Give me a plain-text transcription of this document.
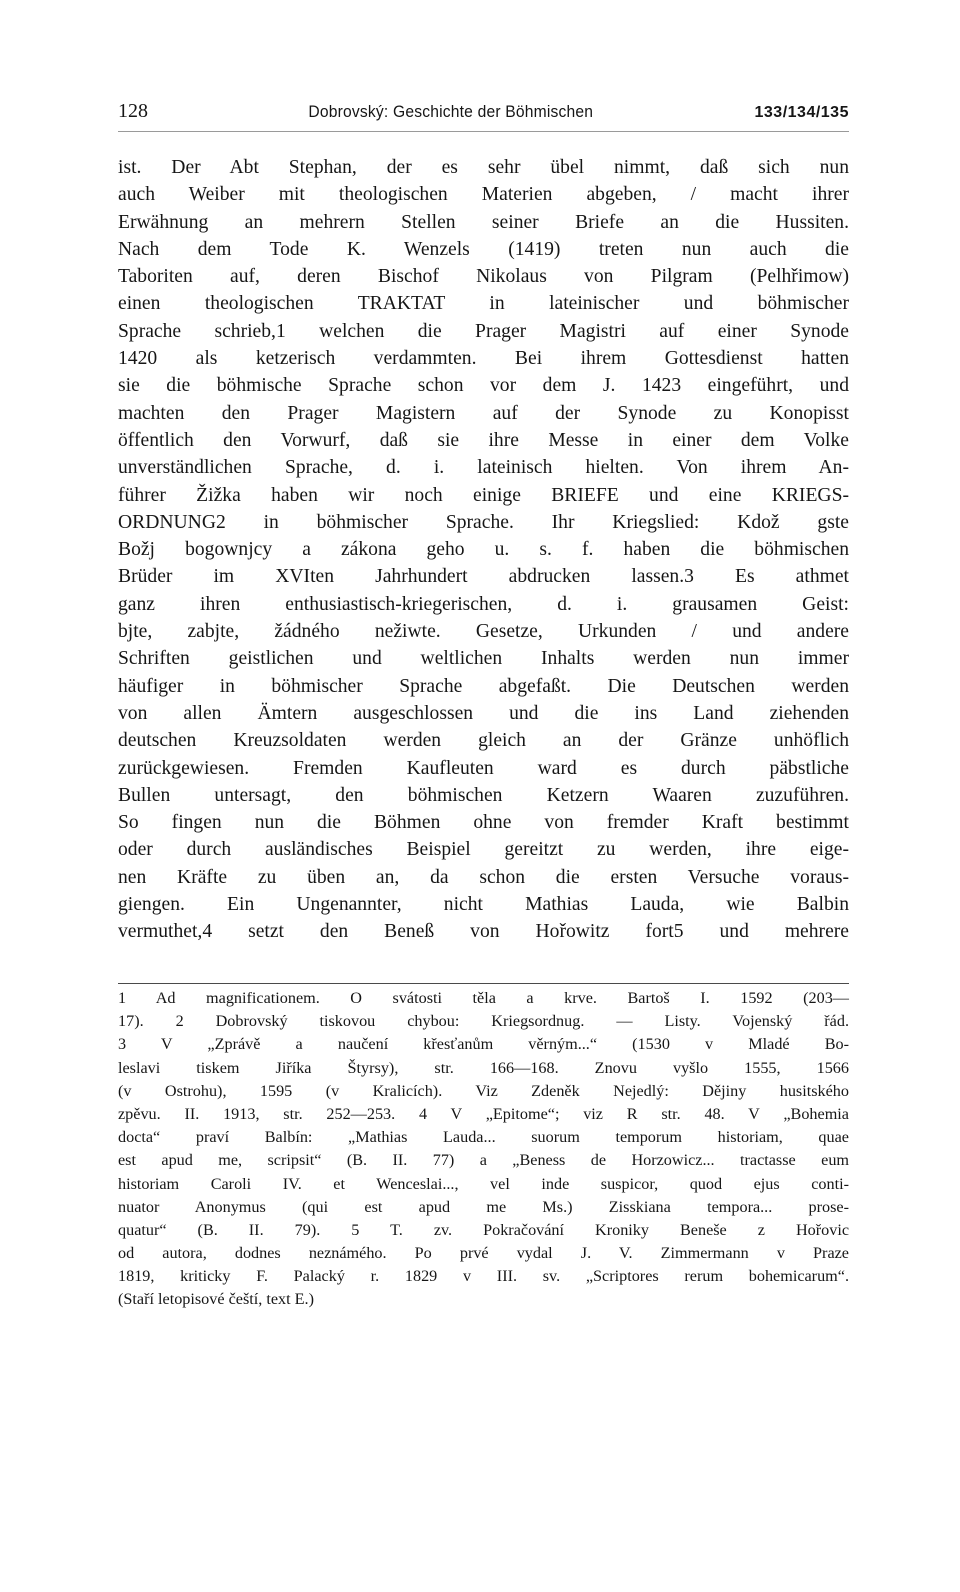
128	Dobrovský: Geschichte der Böhmischen	133/134/135
ist. Der Abt Stephan, der es sehr übel nimmt, daß sich nun
auch Weiber mit theologischen Materien abgeben, / macht ihrer
Erwähnung an mehrern Stellen seiner Briefe an die Hussiten.
Nach dem Tode K. Wenzels (1419) treten nun auch die
Taboriten auf, deren Bischof Nikolaus von Pilgram (Pelhřimow)
einen theologischen TRAKTAT in lateinischer und böhmischer
Sprache schrieb,1 welchen die Prager Magistri auf einer Synode
1420 als ketzerisch verdammten. Bei ihrem Gottesdienst hatten
sie die böhmische Sprache schon vor dem J. 1423 eingeführt, und
machten den Prager Magistern auf der Synode zu Konopisst
öffentlich den Vorwurf, daß sie ihre Messe in einer dem Volke
unverständlichen Sprache, d. i. lateinisch hielten. Von ihrem An-
führer Žižka haben wir noch einige BRIEFE und eine KRIEGS-
ORDNUNG2 in böhmischer Sprache. Ihr Kriegslied: Kdož gste
Božj bogownjcy a zákona geho u. s. f. haben die böhmischen
Brüder im XVIten Jahrhundert abdrucken lassen.3 Es athmet
ganz ihren enthusiastisch-kriegerischen, d. i. grausamen Geist:
bjte, zabjte, žádného nežiwte. Gesetze, Urkunden / und andere
Schriften geistlichen und weltlichen Inhalts werden nun immer
häufiger in böhmischer Sprache abgefaßt. Die Deutschen werden
von allen Ämtern ausgeschlossen und die ins Land ziehenden
deutschen Kreuzsoldaten werden gleich an der Gränze unhöflich
zurückgewiesen. Fremden Kaufleuten ward es durch päbstliche
Bullen untersagt, den böhmischen Ketzern Waaren zuzuführen.
So fingen nun die Böhmen ohne von fremder Kraft bestimmt
oder durch ausländisches Beispiel gereitzt zu werden, ihre eige-
nen Kräfte zu üben an, da schon die ersten Versuche voraus-
giengen. Ein Ungenannter, nicht Mathias Lauda, wie Balbin
vermuthet,4 setzt den Beneß von Hořowitz fort5 und mehrere
1 Ad magnificationem. O svátosti těla a krve. Bartoš I. 1592 (203—
17). 2 Dobrovský tiskovou chybou: Kriegsordnug. — Listy. Vojenský řád.
3 V „Zprávě a naučení křesťanům věrným...“ (1530 v Mladé Bo-
leslavi tiskem Jiříka Štyrsy), str. 166—168. Znovu vyšlo 1555, 1566
(v Ostrohu), 1595 (v Kralicích). Viz Zdeněk Nejedlý: Dějiny husitského
zpěvu. II. 1913, str. 252—253. 4 V „Epitome“; viz R str. 48. V „Bohemia
docta“ praví Balbín: „Mathias Lauda... suorum temporum historiam, quae
est apud me, scripsit“ (B. II. 77) a „Beness de Horzowicz... tractasse eum
historiam Caroli IV. et Wenceslai..., vel inde suspicor, quod ejus conti-
nuator Anonymus (qui est apud me Ms.) Zisskiana tempora... prose-
quatur“ (B. II. 79). 5 T. zv. Pokračování Kroniky Beneše z Hořovic
od autora, dodnes neznámého. Po prvé vydal J. V. Zimmermann v Praze
1819, kriticky F. Palacký r. 1829 v III. sv. „Scriptores rerum bohemicarum“.
(Staří letopisové čeští, text E.)
